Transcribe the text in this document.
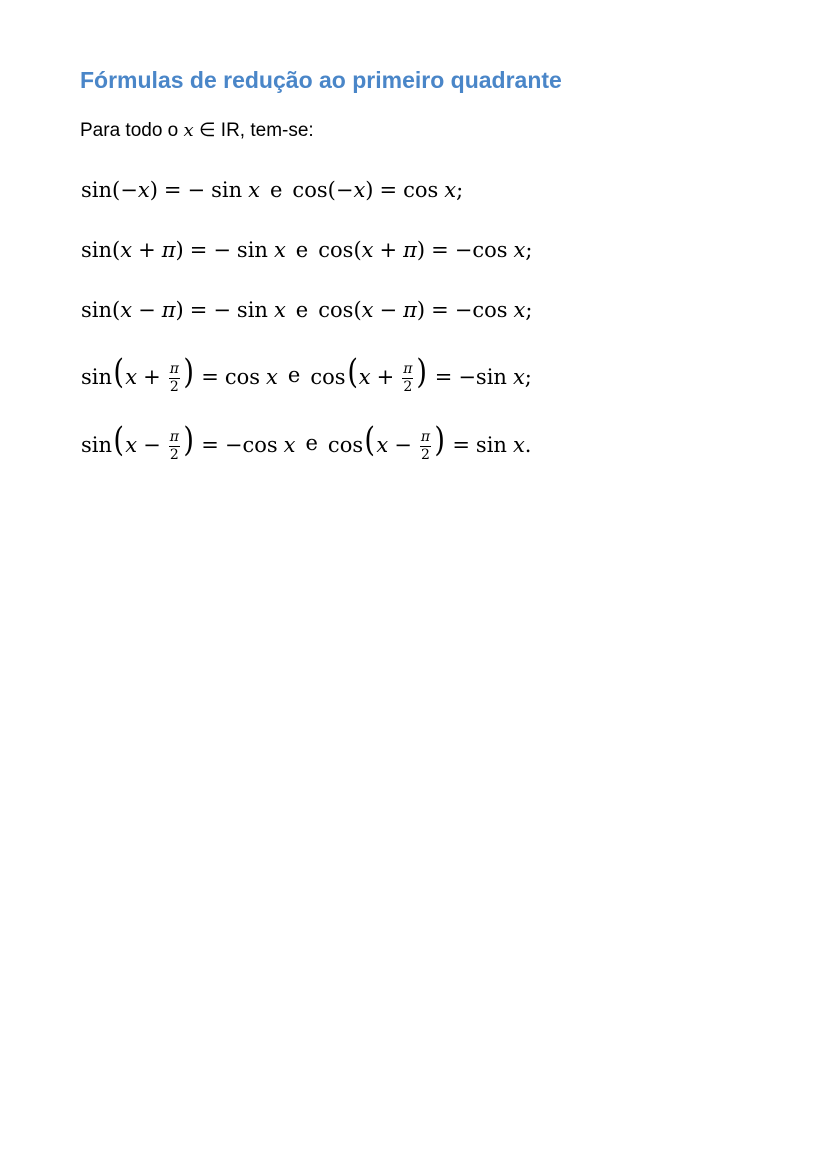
Fórmulas de redução ao primeiro quadrante
Para todo o x ∈ IR, tem-se:
sin(−x) = − sin x e cos(−x) = cos x;
sin(x + π) = − sin x e cos(x + π) = −cos x;
sin(x − π) = − sin x e cos(x − π) = −cos x;
$\sin(x + \frac{\pi}{2}$ ) = cos x e $\cos(x + \frac{\pi}{2}$ ) = −sin x;
$\sin(x - \frac{\pi}{2}$ ) = −cos x e $\cos(x - \frac{\pi}{2}$ ) = sin x.
